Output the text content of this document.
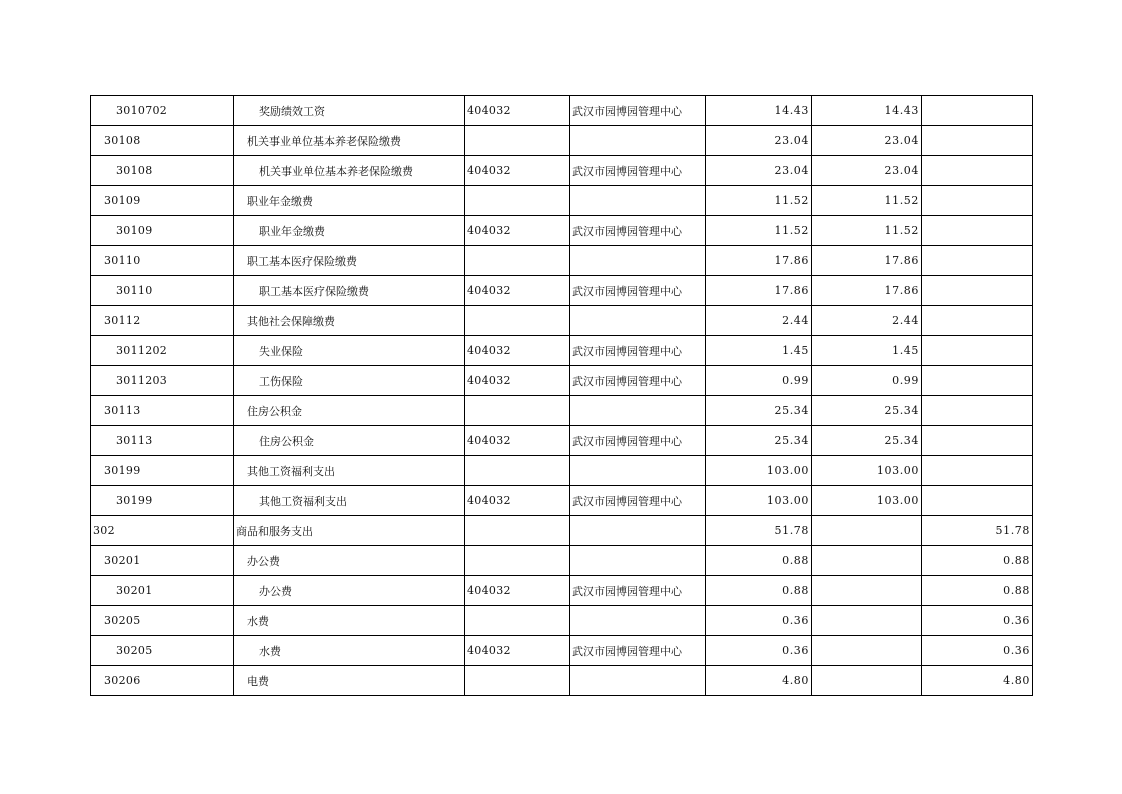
3010702	奖励绩效工资	404032	武汉市园博园管理中心	14.43	14.43	
30108	机关事业单位基本养老保险缴费			23.04	23.04	
30108	机关事业单位基本养老保险缴费	404032	武汉市园博园管理中心	23.04	23.04	
30109	职业年金缴费			11.52	11.52	
30109	职业年金缴费	404032	武汉市园博园管理中心	11.52	11.52	
30110	职工基本医疗保险缴费			17.86	17.86	
30110	职工基本医疗保险缴费	404032	武汉市园博园管理中心	17.86	17.86	
30112	其他社会保障缴费			2.44	2.44	
3011202	失业保险	404032	武汉市园博园管理中心	1.45	1.45	
3011203	工伤保险	404032	武汉市园博园管理中心	0.99	0.99	
30113	住房公积金			25.34	25.34	
30113	住房公积金	404032	武汉市园博园管理中心	25.34	25.34	
30199	其他工资福利支出			103.00	103.00	
30199	其他工资福利支出	404032	武汉市园博园管理中心	103.00	103.00	
302	商品和服务支出			51.78		51.78
30201	办公费			0.88		0.88
30201	办公费	404032	武汉市园博园管理中心	0.88		0.88
30205	水费			0.36		0.36
30205	水费	404032	武汉市园博园管理中心	0.36		0.36
30206	电费			4.80		4.80
